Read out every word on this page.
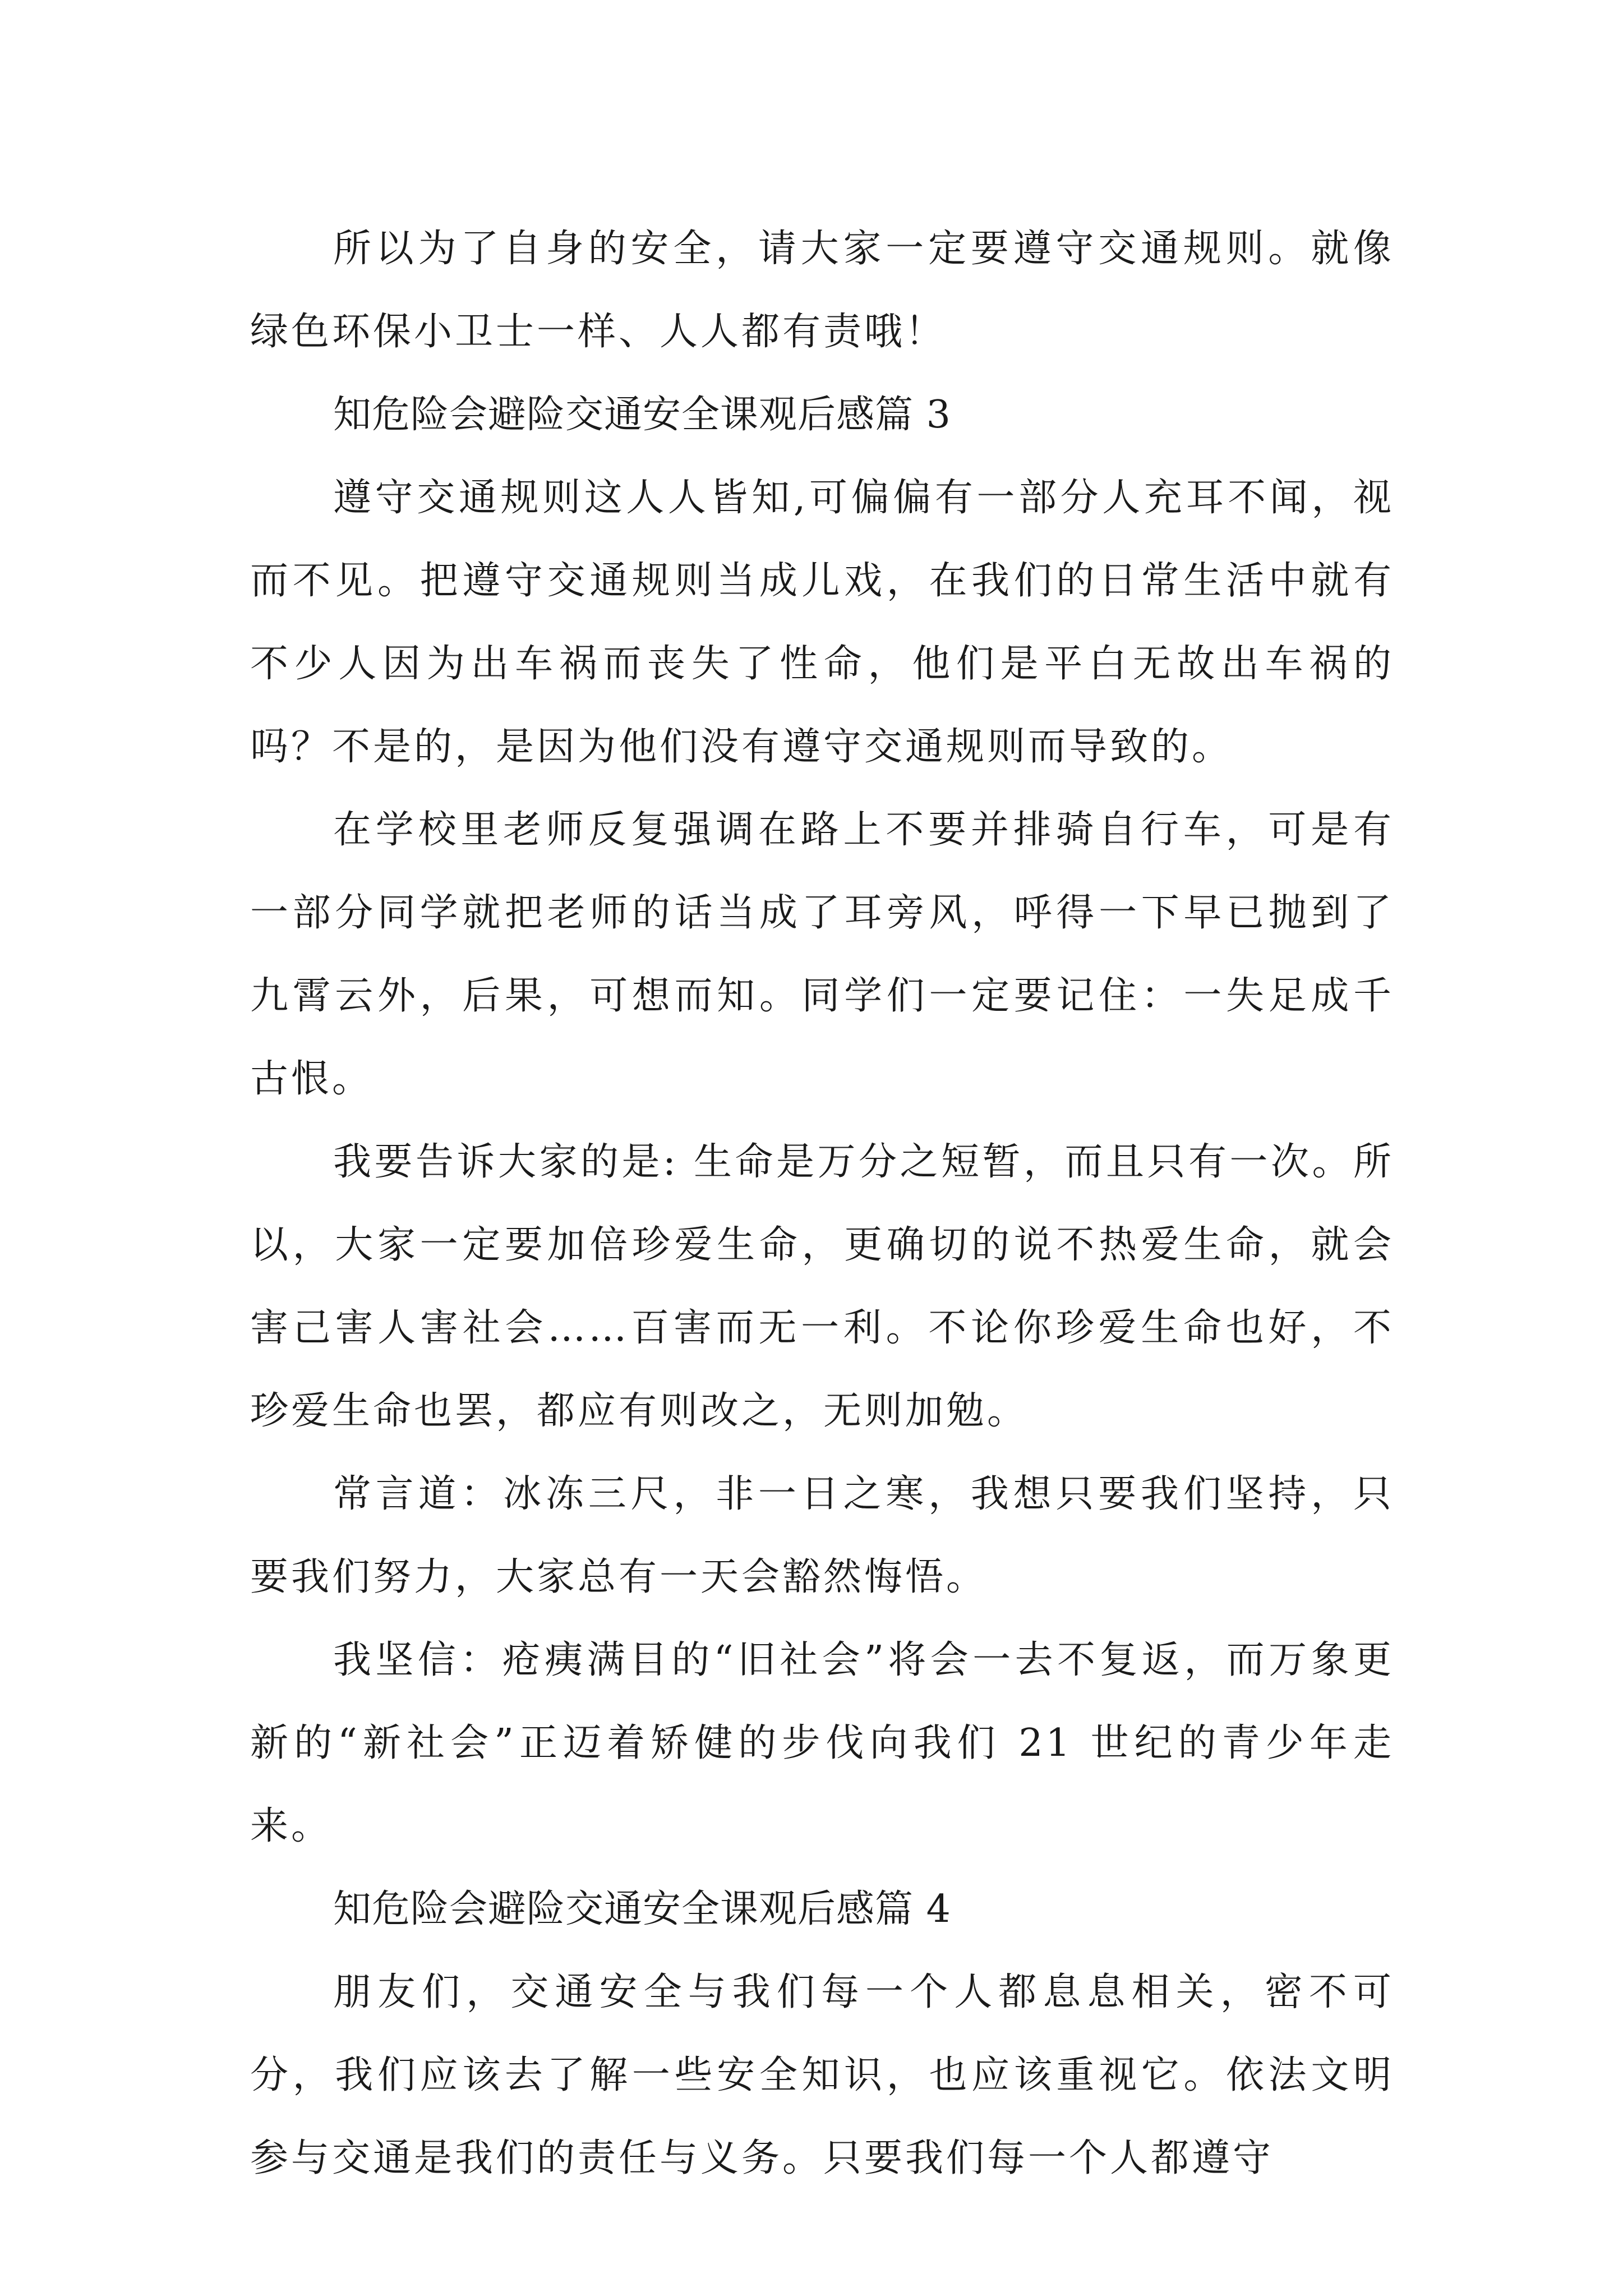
所以为了自身的安全，请大家一定要遵守交通规则。就像绿色环保小卫士一样、人人都有责哦！

知危险会避险交通安全课观后感篇 3

遵守交通规则这人人皆知,可偏偏有一部分人充耳不闻，视而不见。把遵守交通规则当成儿戏，在我们的日常生活中就有不少人因为出车祸而丧失了性命，他们是平白无故出车祸的吗？不是的，是因为他们没有遵守交通规则而导致的。

在学校里老师反复强调在路上不要并排骑自行车，可是有一部分同学就把老师的话当成了耳旁风，呼得一下早已抛到了九霄云外，后果，可想而知。同学们一定要记住：一失足成千古恨。

我要告诉大家的是: 生命是万分之短暂，而且只有一次。所以，大家一定要加倍珍爱生命，更确切的说不热爱生命，就会害己害人害社会……百害而无一利。不论你珍爱生命也好，不珍爱生命也罢，都应有则改之，无则加勉。

常言道：冰冻三尺，非一日之寒，我想只要我们坚持，只要我们努力，大家总有一天会豁然悔悟。

我坚信：疮痍满目的“旧社会”将会一去不复返，而万象更新的“新社会”正迈着矫健的步伐向我们 21 世纪的青少年走来。

知危险会避险交通安全课观后感篇 4

朋友们，交通安全与我们每一个人都息息相关，密不可分，我们应该去了解一些安全知识，也应该重视它。依法文明参与交通是我们的责任与义务。只要我们每一个人都遵守
